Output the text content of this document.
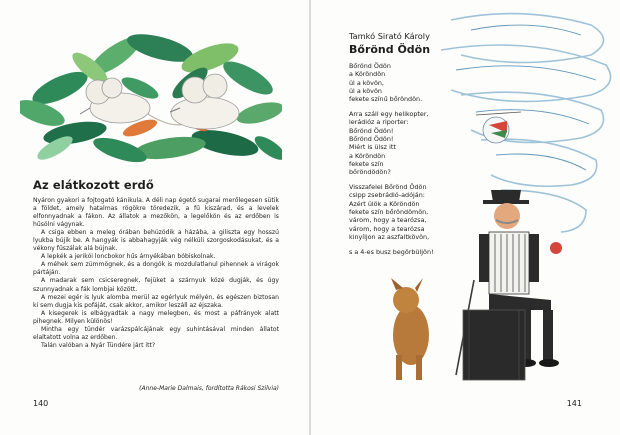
Az elátkozott erdő

Nyáron gyakori a fojtogató kánikula. A déli nap égető sugarai merőlegesen sütik a földet, amely hatalmas rögökre töredezik, a fű kiszárad, és a levelek elfonnyadnak a fákon. Az állatok a mezőkön, a legelőkön és az erdőben is hűsölni vágynak.

A csiga ebben a meleg órában behúzódik a házába, a giliszta egy hosszú lyukba bújik be. A hangyák is abbahagyják vég nélküli szorgoskodásukat, és a vékony fűszálak alá bújnak.

A lepkék a jerikói loncbokor hűs árnyékában bóbiskolnak.

A méhek sem zümmögnek, és a dongók is mozdulatlanul pihennek a virágok pártáján.

A madarak sem csicseregnek, fejüket a szárnyuk közé dugják, és úgy szunnyadnak a fák lombjai között.

A mezei egér is lyuk alomba merül az egérlyuk mélyén, és egészen biztosan ki sem dugja kis pofáját, csak akkor, amikor leszáll az éjszaka.

A kisegerek is elbágyadtak a nagy melegben, és most a páfrányok alatt pihegnek. Milyen különös!

Mintha egy tündér varázspálcájának egy suhintásával minden állatot elaltatott volna az erdőben.

Talán valóban a Nyár Tündére járt itt?

(Anne-Marie Dalmais, fordította Rákosi Szilvia)

140

Tamkó Sirató Károly

Bőrönd Ödön
Bőrönd Ödön
a Köröndön
ül a kövön,
ül a kövön
fekete színű bőröndön.
Arra száll egy helikopter,
lerádióz a riporter:
Bőrönd Ödön!
Bőrönd Ödön!
Miért is ülsz itt
a Köröndön
fekete szín
bőröndödön?
Visszafelel Bőrönd Ödön
csipp zsebrádió-adóján:
Azért ülök a Köröndön
fekete szín bőröndömön,
várom, hogy a tearózsa,
várom, hogy a tearózsa
kinyíljon az aszfaltkövön,
s a 4-es busz begörbüljön!

141
